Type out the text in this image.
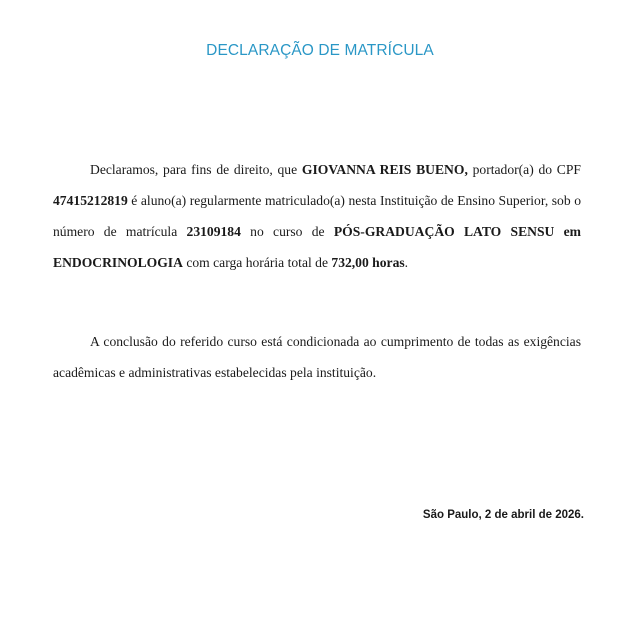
DECLARAÇÃO DE MATRÍCULA

Declaramos, para fins de direito, que GIOVANNA REIS BUENO, portador(a) do CPF 47415212819 é aluno(a) regularmente matriculado(a) nesta Instituição de Ensino Superior, sob o número de matrícula 23109184 no curso de PÓS-GRADUAÇÃO LATO SENSU em ENDOCRINOLOGIA com carga horária total de 732,00 horas.

A conclusão do referido curso está condicionada ao cumprimento de todas as exigências acadêmicas e administrativas estabelecidas pela instituição.

São Paulo, 2 de abril de 2026.
